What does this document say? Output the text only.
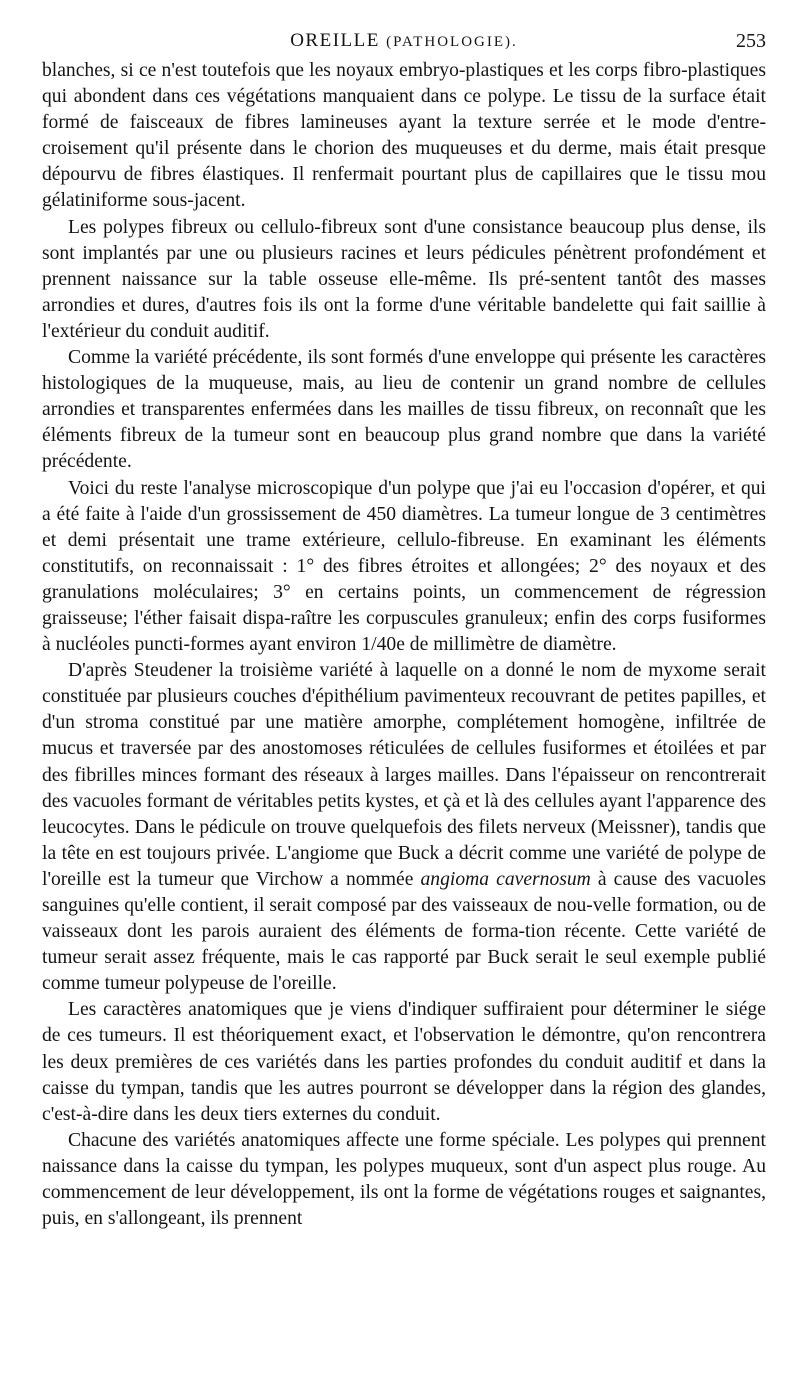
OREILLE (PATHOLOGIE).	253

blanches, si ce n'est toutefois que les noyaux embryo-plastiques et les corps fibro-plastiques qui abondent dans ces végétations manquaient dans ce polype. Le tissu de la surface était formé de faisceaux de fibres lamineuses ayant la texture serrée et le mode d'entre-croisement qu'il présente dans le chorion des muqueuses et du derme, mais était presque dépourvu de fibres élastiques. Il renfermait pourtant plus de capillaires que le tissu mou gélatiniforme sous-jacent.

Les polypes fibreux ou cellulo-fibreux sont d'une consistance beaucoup plus dense, ils sont implantés par une ou plusieurs racines et leurs pédicules pénètrent profondément et prennent naissance sur la table osseuse elle-même. Ils pré-sentent tantôt des masses arrondies et dures, d'autres fois ils ont la forme d'une véritable bandelette qui fait saillie à l'extérieur du conduit auditif.

Comme la variété précédente, ils sont formés d'une enveloppe qui présente les caractères histologiques de la muqueuse, mais, au lieu de contenir un grand nombre de cellules arrondies et transparentes enfermées dans les mailles de tissu fibreux, on reconnaît que les éléments fibreux de la tumeur sont en beaucoup plus grand nombre que dans la variété précédente.

Voici du reste l'analyse microscopique d'un polype que j'ai eu l'occasion d'opérer, et qui a été faite à l'aide d'un grossissement de 450 diamètres. La tumeur longue de 3 centimètres et demi présentait une trame extérieure, cellulo-fibreuse. En examinant les éléments constitutifs, on reconnaissait : 1° des fibres étroites et allongées; 2° des noyaux et des granulations moléculaires; 3° en certains points, un commencement de régression graisseuse; l'éther faisait dispa-raître les corpuscules granuleux; enfin des corps fusiformes à nucléoles puncti-formes ayant environ 1/40e de millimètre de diamètre.

D'après Steudener la troisième variété à laquelle on a donné le nom de myxome serait constituée par plusieurs couches d'épithélium pavimenteux recouvrant de petites papilles, et d'un stroma constitué par une matière amorphe, complétement homogène, infiltrée de mucus et traversée par des anostomoses réticulées de cellules fusiformes et étoilées et par des fibrilles minces formant des réseaux à larges mailles. Dans l'épaisseur on rencontrerait des vacuoles formant de véritables petits kystes, et çà et là des cellules ayant l'apparence des leucocytes. Dans le pédicule on trouve quelquefois des filets nerveux (Meissner), tandis que la tête en est toujours privée. L'angiome que Buck a décrit comme une variété de polype de l'oreille est la tumeur que Virchow a nommée angioma cavernosum à cause des vacuoles sanguines qu'elle contient, il serait composé par des vaisseaux de nou-velle formation, ou de vaisseaux dont les parois auraient des éléments de forma-tion récente. Cette variété de tumeur serait assez fréquente, mais le cas rapporté par Buck serait le seul exemple publié comme tumeur polypeuse de l'oreille.

Les caractères anatomiques que je viens d'indiquer suffiraient pour déterminer le siége de ces tumeurs. Il est théoriquement exact, et l'observation le démontre, qu'on rencontrera les deux premières de ces variétés dans les parties profondes du conduit auditif et dans la caisse du tympan, tandis que les autres pourront se développer dans la région des glandes, c'est-à-dire dans les deux tiers externes du conduit.

Chacune des variétés anatomiques affecte une forme spéciale. Les polypes qui prennent naissance dans la caisse du tympan, les polypes muqueux, sont d'un aspect plus rouge. Au commencement de leur développement, ils ont la forme de végétations rouges et saignantes, puis, en s'allongeant, ils prennent
